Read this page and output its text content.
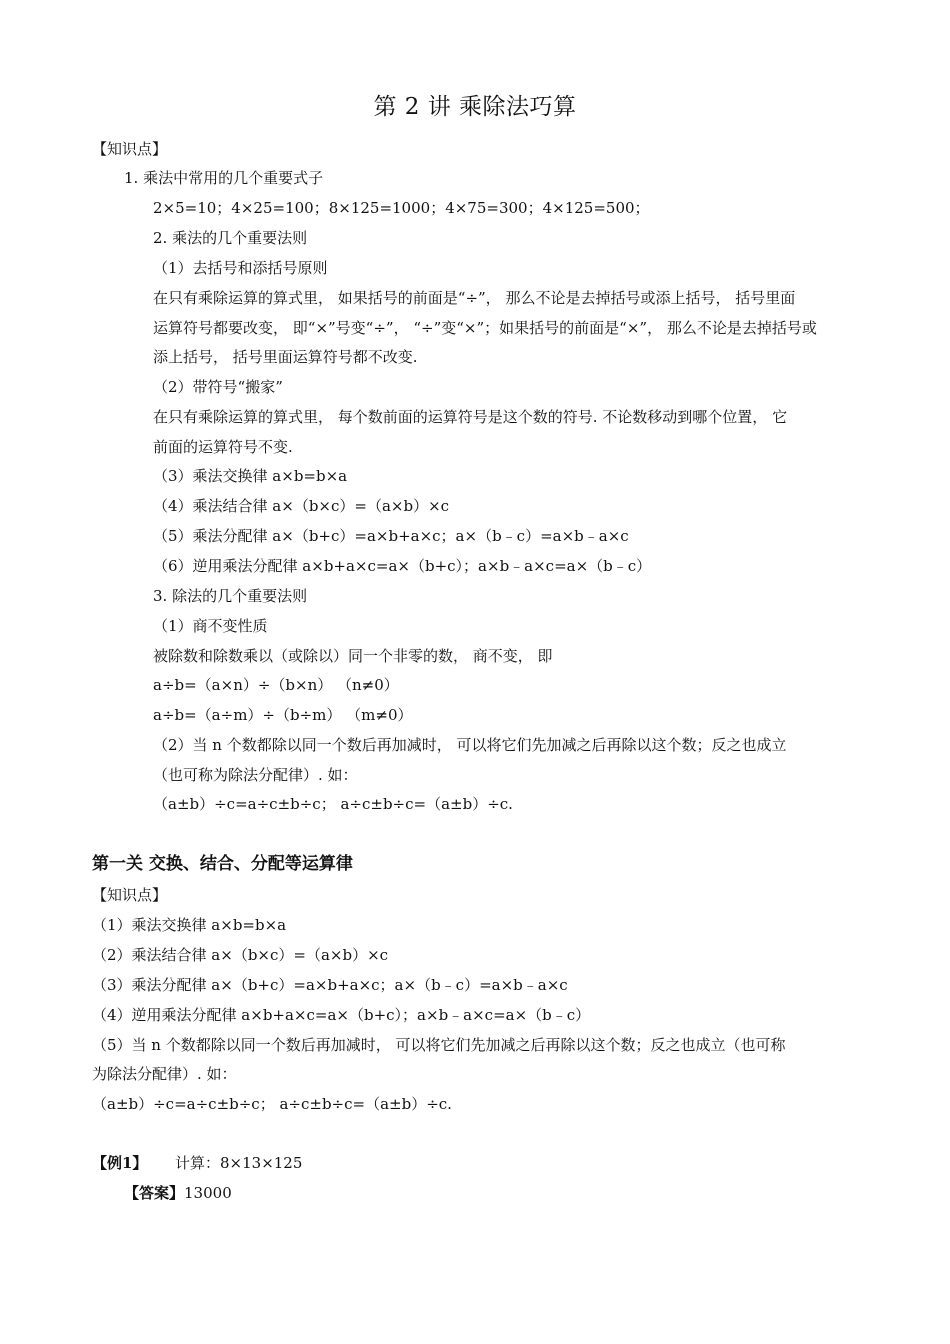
第 2 讲 乘除法巧算
【知识点】
1. 乘法中常用的几个重要式子
2×5=10；4×25=100；8×125=1000；4×75=300；4×125=500；
2. 乘法的几个重要法则
（1）去括号和添括号原则
在只有乘除运算的算式里， 如果括号的前面是“÷”， 那么不论是去掉括号或添上括号， 括号里面
运算符号都要改变， 即“×”号变“÷”， “÷”变“×”；如果括号的前面是“×”， 那么不论是去掉括号或
添上括号， 括号里面运算符号都不改变.
（2）带符号“搬家”
在只有乘除运算的算式里， 每个数前面的运算符号是这个数的符号. 不论数移动到哪个位置， 它
前面的运算符号不变.
（3）乘法交换律 a×b=b×a
（4）乘法结合律 a×（b×c）=（a×b）×c
（5）乘法分配律 a×（b+c）=a×b+a×c；a×（b﹣c）=a×b﹣a×c
（6）逆用乘法分配律 a×b+a×c=a×（b+c）；a×b﹣a×c=a×（b﹣c）
3. 除法的几个重要法则
（1）商不变性质
被除数和除数乘以（或除以）同一个非零的数， 商不变， 即
a÷b=（a×n）÷（b×n） （n≠0）
a÷b=（a÷m）÷（b÷m） （m≠0）
（2）当 n 个数都除以同一个数后再加减时， 可以将它们先加减之后再除以这个数；反之也成立
（也可称为除法分配律）. 如：
（a±b）÷c=a÷c±b÷c； a÷c±b÷c=（a±b）÷c.
第一关 交换、结合、分配等运算律
【知识点】
（1）乘法交换律 a×b=b×a
（2）乘法结合律 a×（b×c）=（a×b）×c
（3）乘法分配律 a×（b+c）=a×b+a×c；a×（b﹣c）=a×b﹣a×c
（4）逆用乘法分配律 a×b+a×c=a×（b+c）；a×b﹣a×c=a×（b﹣c）
（5）当 n 个数都除以同一个数后再加减时， 可以将它们先加减之后再除以这个数；反之也成立（也可称
为除法分配律）. 如：
（a±b）÷c=a÷c±b÷c； a÷c±b÷c=（a±b）÷c.
【例1】 计算：8×13×125
【答案】13000
